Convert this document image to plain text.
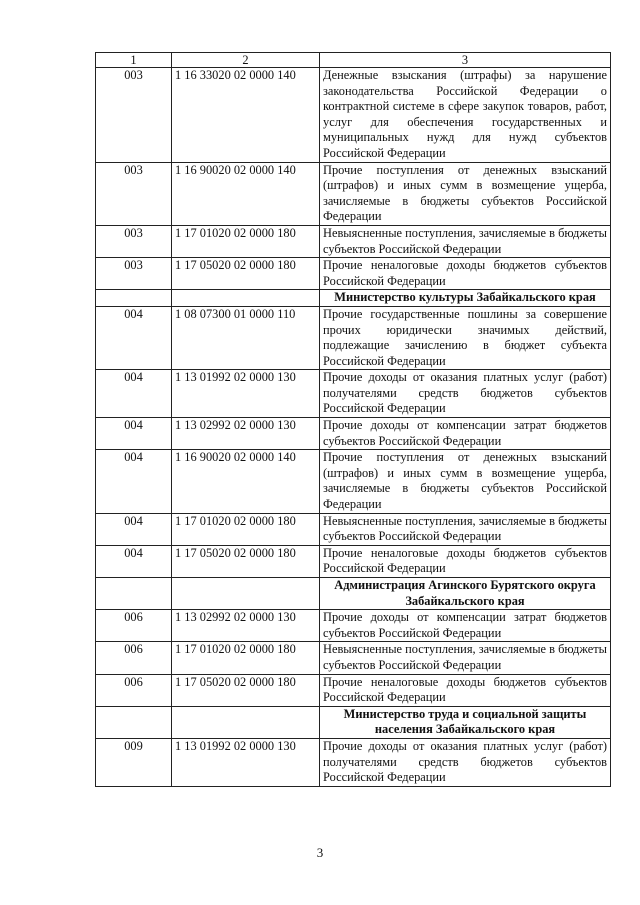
1	2	3
003	1 16 33020 02 0000 140	Денежные взыскания (штрафы) за нарушение законодательства Российской Федерации о контрактной системе в сфере закупок товаров, работ, услуг для обеспечения государственных и муниципальных нужд для нужд субъектов Российской Федерации
003	1 16 90020 02 0000 140	Прочие поступления от денежных взысканий (штрафов) и иных сумм в возмещение ущерба, зачисляемые в бюджеты субъектов Российской Федерации
003	1 17 01020 02 0000 180	Невыясненные поступления, зачисляемые в бюджеты субъектов Российской Федерации
003	1 17 05020 02 0000 180	Прочие неналоговые доходы бюджетов субъектов Российской Федерации
		Министерство культуры Забайкальского края
004	1 08 07300 01 0000 110	Прочие государственные пошлины за совершение прочих юридически значимых действий, подлежащие зачислению в бюджет субъекта Российской Федерации
004	1 13 01992 02 0000 130	Прочие доходы от оказания платных услуг (работ) получателями средств бюджетов субъектов Российской Федерации
004	1 13 02992 02 0000 130	Прочие доходы от компенсации затрат бюджетов субъектов Российской Федерации
004	1 16 90020 02 0000 140	Прочие поступления от денежных взысканий (штрафов) и иных сумм в возмещение ущерба, зачисляемые в бюджеты субъектов Российской Федерации
004	1 17 01020 02 0000 180	Невыясненные поступления, зачисляемые в бюджеты субъектов Российской Федерации
004	1 17 05020 02 0000 180	Прочие неналоговые доходы бюджетов субъектов Российской Федерации
		Администрация Агинского Бурятского округа Забайкальского края
006	1 13 02992 02 0000 130	Прочие доходы от компенсации затрат бюджетов субъектов Российской Федерации
006	1 17 01020 02 0000 180	Невыясненные поступления, зачисляемые в бюджеты субъектов Российской Федерации
006	1 17 05020 02 0000 180	Прочие неналоговые доходы бюджетов субъектов Российской Федерации
		Министерство труда и социальной защиты населения Забайкальского края
009	1 13 01992 02 0000 130	Прочие доходы от оказания платных услуг (работ) получателями средств бюджетов субъектов Российской Федерации
3
